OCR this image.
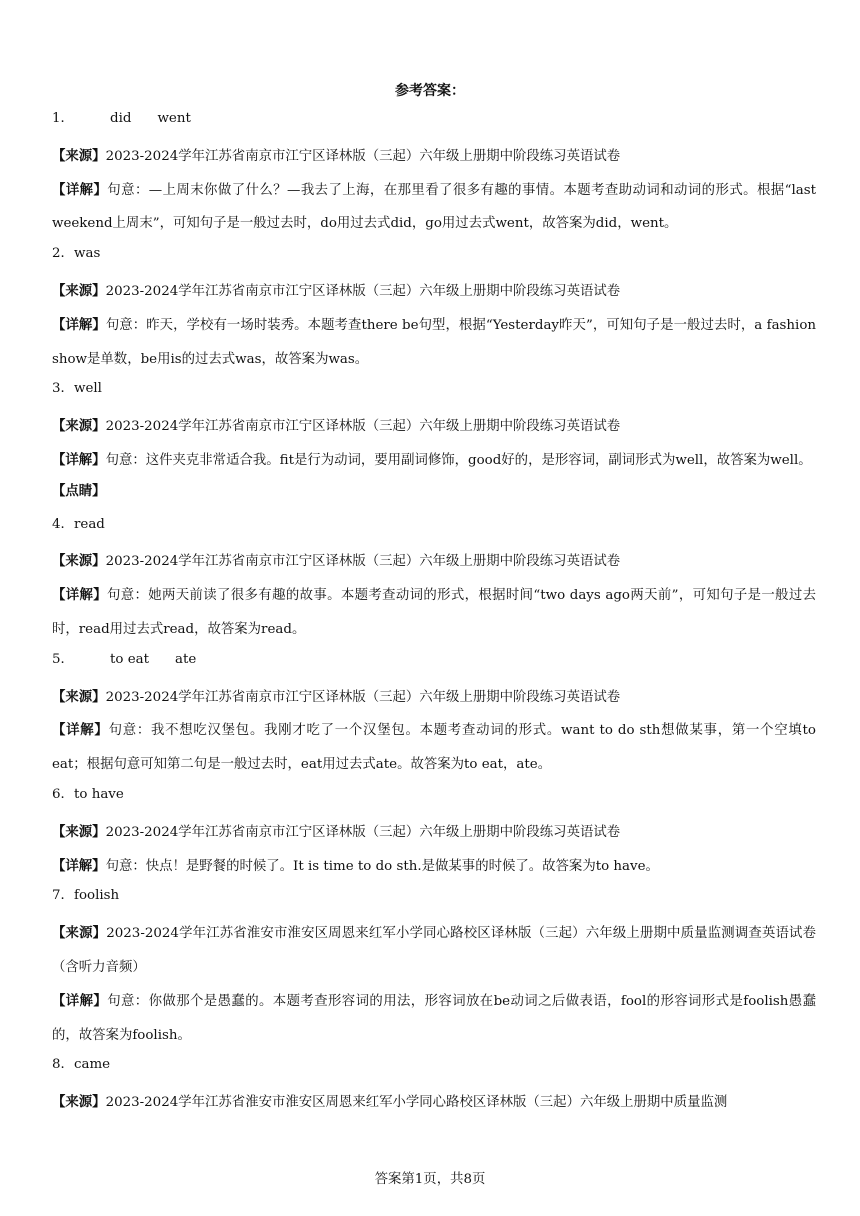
参考答案：
1．	did went
【来源】2023-2024学年江苏省南京市江宁区译林版（三起）六年级上册期中阶段练习英语试卷
【详解】句意：—上周末你做了什么？—我去了上海，在那里看了很多有趣的事情。本题考查助动词和动词的形式。根据“last weekend上周末”，可知句子是一般过去时，do用过去式did，go用过去式went，故答案为did，went。
2．was
【来源】2023-2024学年江苏省南京市江宁区译林版（三起）六年级上册期中阶段练习英语试卷
【详解】句意：昨天，学校有一场时装秀。本题考查there be句型，根据“Yesterday昨天”，可知句子是一般过去时，a fashion show是单数，be用is的过去式was，故答案为was。
3．well
【来源】2023-2024学年江苏省南京市江宁区译林版（三起）六年级上册期中阶段练习英语试卷
【详解】句意：这件夹克非常适合我。fit是行为动词，要用副词修饰，good好的，是形容词，副词形式为well，故答案为well。
【点睛】
4．read
【来源】2023-2024学年江苏省南京市江宁区译林版（三起）六年级上册期中阶段练习英语试卷
【详解】句意：她两天前读了很多有趣的故事。本题考查动词的形式，根据时间“two days ago两天前”，可知句子是一般过去时，read用过去式read，故答案为read。
5．	to eat ate
【来源】2023-2024学年江苏省南京市江宁区译林版（三起）六年级上册期中阶段练习英语试卷
【详解】句意：我不想吃汉堡包。我刚才吃了一个汉堡包。本题考查动词的形式。want to do sth想做某事，第一个空填to eat；根据句意可知第二句是一般过去时，eat用过去式ate。故答案为to eat，ate。
6．to have
【来源】2023-2024学年江苏省南京市江宁区译林版（三起）六年级上册期中阶段练习英语试卷
【详解】句意：快点！是野餐的时候了。It is time to do sth.是做某事的时候了。故答案为to have。
7．foolish
【来源】2023-2024学年江苏省淮安市淮安区周恩来红军小学同心路校区译林版（三起）六年级上册期中质量监测调查英语试卷（含听力音频）
【详解】句意：你做那个是愚蠢的。本题考查形容词的用法，形容词放在be动词之后做表语，fool的形容词形式是foolish愚蠢的，故答案为foolish。
8．came
【来源】2023-2024学年江苏省淮安市淮安区周恩来红军小学同心路校区译林版（三起）六年级上册期中质量监测
答案第1页，共8页
